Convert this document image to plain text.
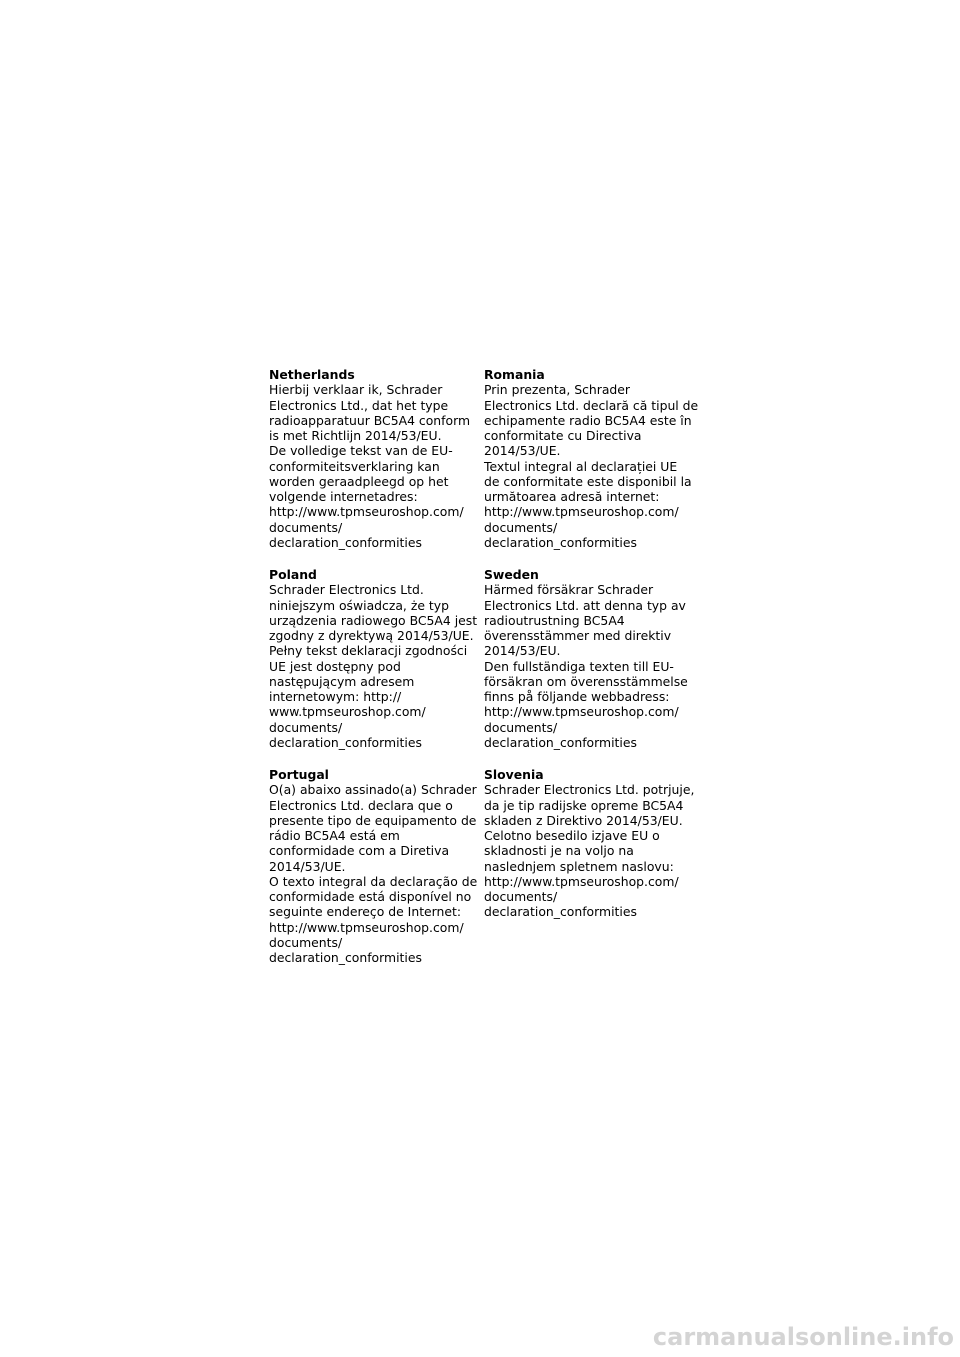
Netherlands
Hierbij verklaar ik, Schrader
Electronics Ltd., dat het type
radioapparatuur BC5A4 conform
is met Richtlijn 2014/53/EU.
De volledige tekst van de EU-
conformiteitsverklaring kan
worden geraadpleegd op het
volgende internetadres:
http://www.tpmseuroshop.com/
documents/
declaration_conformities
Poland
Schrader Electronics Ltd.
niniejszym oświadcza, że typ
urządzenia radiowego BC5A4 jest
zgodny z dyrektywą 2014/53/UE.
Pełny tekst deklaracji zgodności
UE jest dostępny pod
następującym adresem
internetowym: http://
www.tpmseuroshop.com/
documents/
declaration_conformities
Portugal
O(a) abaixo assinado(a) Schrader
Electronics Ltd. declara que o
presente tipo de equipamento de
rádio BC5A4 está em
conformidade com a Diretiva
2014/53/UE.
O texto integral da declaração de
conformidade está disponível no
seguinte endereço de Internet:
http://www.tpmseuroshop.com/
documents/
declaration_conformities
Romania
Prin prezenta, Schrader
Electronics Ltd. declară că tipul de
echipamente radio BC5A4 este în
conformitate cu Directiva
2014/53/UE.
Textul integral al declarației UE
de conformitate este disponibil la
următoarea adresă internet:
http://www.tpmseuroshop.com/
documents/
declaration_conformities
Sweden
Härmed försäkrar Schrader
Electronics Ltd. att denna typ av
radioutrustning BC5A4
överensstämmer med direktiv
2014/53/EU.
Den fullständiga texten till EU-
försäkran om överensstämmelse
finns på följande webbadress:
http://www.tpmseuroshop.com/
documents/
declaration_conformities
Slovenia
Schrader Electronics Ltd. potrjuje,
da je tip radijske opreme BC5A4
skladen z Direktivo 2014/53/EU.
Celotno besedilo izjave EU o
skladnosti je na voljo na
naslednjem spletnem naslovu:
http://www.tpmseuroshop.com/
documents/
declaration_conformities
carmanualsonline.info
